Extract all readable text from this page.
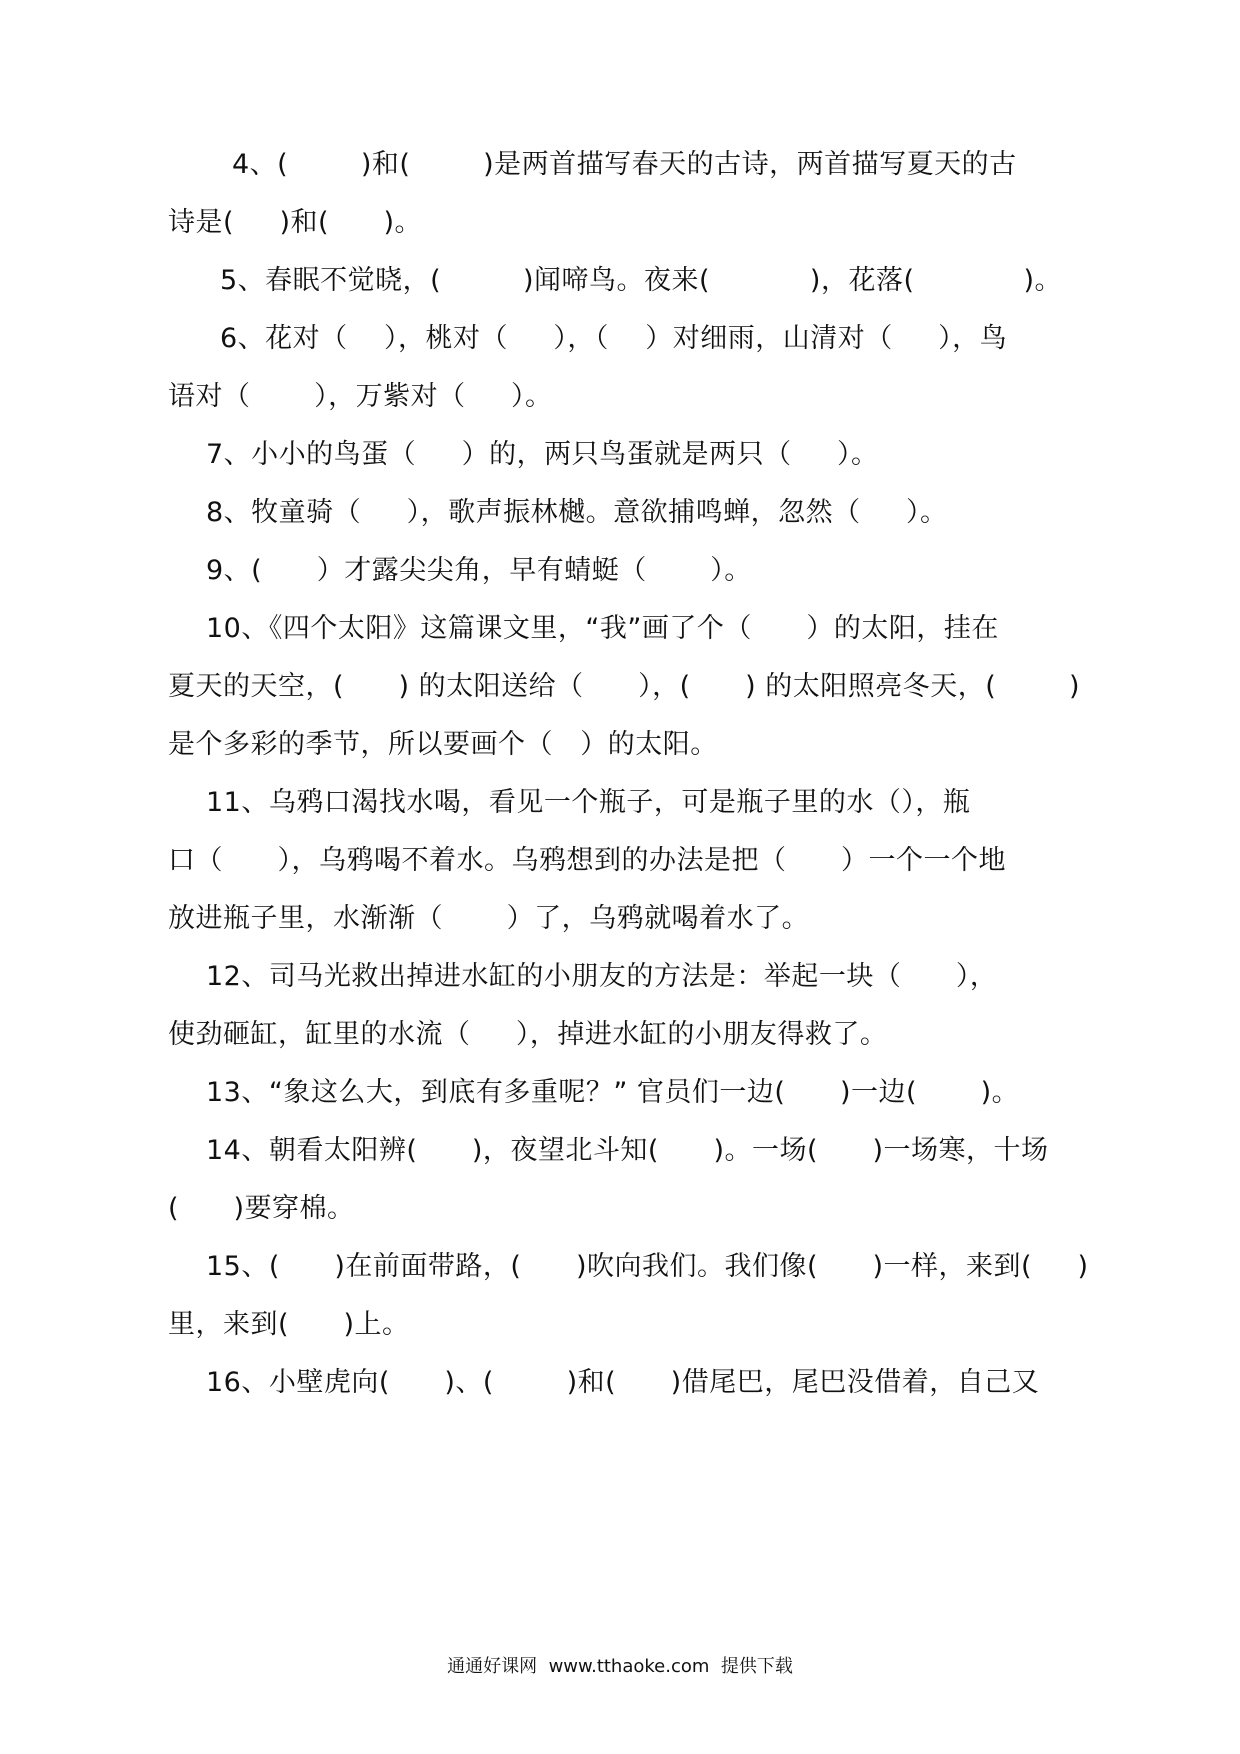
4、(        )和(        )是两首描写春天的古诗，两首描写夏天的古
诗是(     )和(      )。
5、春眠不觉晓，(         )闻啼鸟。夜来(           )，花落(            )。
6、花对（    ），桃对（     ），（    ）对细雨，山清对（     ），鸟
语对（       ），万紫对（     ）。
7、小小的鸟蛋（     ）的，两只鸟蛋就是两只（     ）。
8、牧童骑（     ），歌声振林樾。意欲捕鸣蝉，忽然（     ）。
9、(      ）才露尖尖角，早有蜻蜓（       ）。
10、《四个太阳》这篇课文里，“我”画了个（      ）的太阳，挂在
夏天的天空，(      ) 的太阳送给（      ），(      ) 的太阳照亮冬天，(        )
是个多彩的季节，所以要画个（   ）的太阳。
11、乌鸦口渴找水喝，看见一个瓶子，可是瓶子里的水（），瓶
口（      ），乌鸦喝不着水。乌鸦想到的办法是把（      ）一个一个地
放进瓶子里，水渐渐（       ）了，乌鸦就喝着水了。
12、司马光救出掉进水缸的小朋友的方法是：举起一块（      ），
使劲砸缸，缸里的水流（     ），掉进水缸的小朋友得救了。
13、“象这么大，到底有多重呢？” 官员们一边(      )一边(       )。
14、朝看太阳辨(      )，夜望北斗知(      )。一场(      )一场寒，十场
(      )要穿棉。
15、(      )在前面带路，(      )吹向我们。我们像(      )一样，来到(     )
里，来到(      )上。
16、小壁虎向(      )、(        )和(      )借尾巴，尾巴没借着，自己又
通通好课网  www.tthaoke.com  提供下载
